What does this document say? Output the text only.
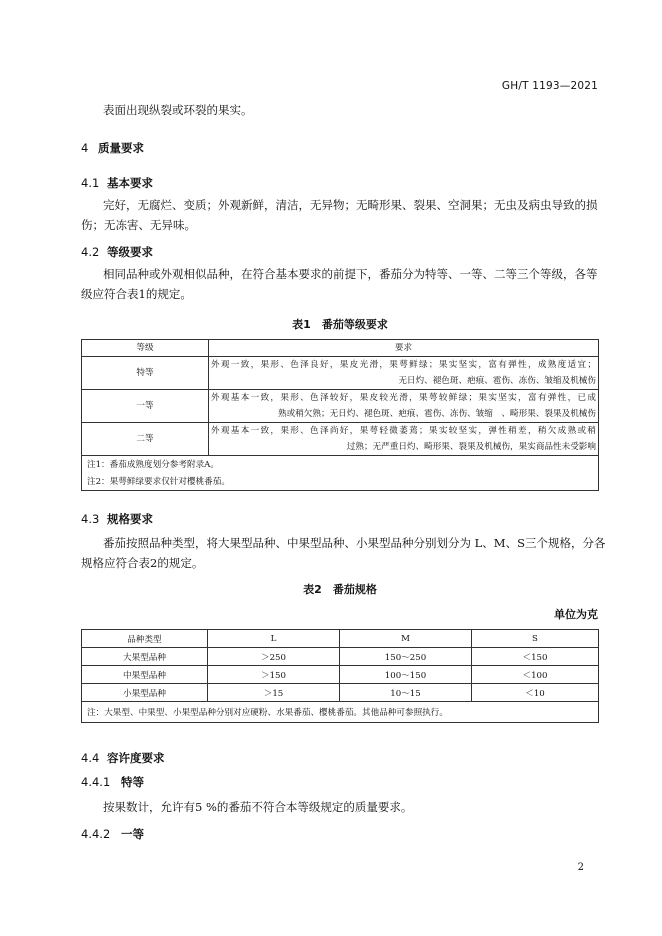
GH/T 1193—2021
表面出现纵裂或环裂的果实。
4 质量要求
4.1 基本要求
完好，无腐烂、变质；外观新鲜，清洁，无异物；无畸形果、裂果、空洞果；无虫及病虫导致的损
伤；无冻害、无异味。
4.2 等级要求
相同品种或外观相似品种，在符合基本要求的前提下，番茄分为特等、一等、二等三个等级，各等
级应符合表1的规定。
表1　番茄等级要求
等级	要求
特等	外观一致，果形、色泽良好，果皮光滑，果萼鲜绿；果实坚实，富有弹性，成熟度适宜；
无日灼、褪色斑、疤痕、雹伤、冻伤、皱缩及机械伤

一等	外观基本一致，果形、色泽较好，果皮较光滑，果萼较鲜绿；果实坚实，富有弹性，已成
熟或稍欠熟；无日灼、褪色斑、疤痕、雹伤、冻伤、皱缩　、畸形果、裂果及机械伤

二等	外观基本一致，果形、色泽尚好，果萼轻微萎蔫；果实较坚实，弹性稍差，稍欠成熟或稍
过熟；无严重日灼、畸形果、裂果及机械伤，果实商品性未受影响

注1：番茄成熟度划分参考附录A。	
注2：果萼鲜绿要求仅针对樱桃番茄。	
4.3 规格要求
番茄按照品种类型，将大果型品种、中果型品种、小果型品种分别划分为 L、M、S三个规格，分各
规格应符合表2的规定。
表2　番茄规格
单位为克
品种类型	L	M	S
大果型品种	＞250	150～250	＜150
中果型品种	＞150	100～150	＜100
小果型品种	＞15	10～15	＜10
注：大果型、中果型、小果型品种分别对应硬粉、水果番茄、樱桃番茄。其他品种可参照执行。			
4.4 容许度要求
4.4.1 特等
按果数计，允许有5 %的番茄不符合本等级规定的质量要求。
4.4.2 一等
2
